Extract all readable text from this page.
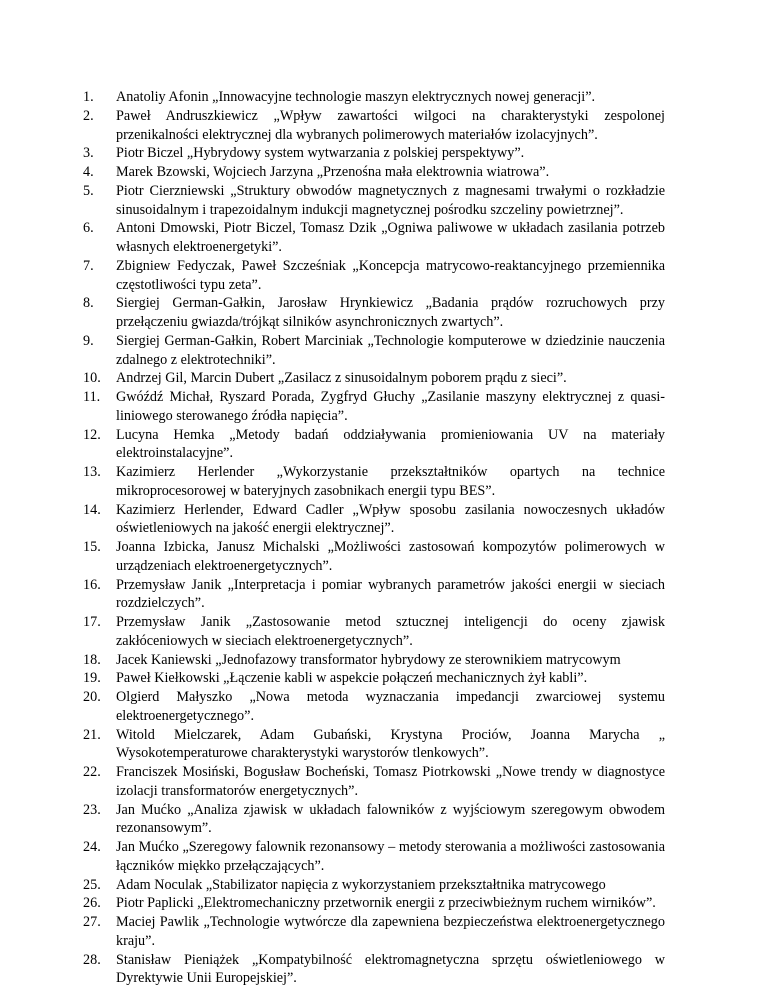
1.	Anatoliy Afonin „Innowacyjne technologie maszyn elektrycznych nowej generacji”.
2.	Paweł Andruszkiewicz „Wpływ zawartości wilgoci na charakterystyki zespolonej przenikalności elektrycznej dla wybranych polimerowych materiałów izolacyjnych”.
3.	Piotr Biczel „Hybrydowy system wytwarzania z polskiej perspektywy”.
4.	Marek Bzowski, Wojciech Jarzyna „Przenośna mała elektrownia wiatrowa”.
5.	Piotr Cierzniewski „Struktury obwodów magnetycznych z magnesami trwałymi o rozkładzie sinusoidalnym i trapezoidalnym indukcji magnetycznej pośrodku szczeliny powietrznej”.
6.	Antoni Dmowski, Piotr Biczel, Tomasz Dzik „Ogniwa paliwowe w układach zasilania potrzeb własnych elektroenergetyki”.
7.	Zbigniew Fedyczak, Paweł Szcześniak „Koncepcja matrycowo-reaktancyjnego przemiennika częstotliwości typu zeta”.
8.	Siergiej German-Gałkin, Jarosław Hrynkiewicz „Badania prądów rozruchowych przy przełączeniu gwiazda/trójkąt silników asynchronicznych zwartych”.
9.	Siergiej German-Gałkin, Robert Marciniak „Technologie komputerowe w dziedzinie nauczenia zdalnego z elektrotechniki”.
10.	Andrzej Gil, Marcin Dubert „Zasilacz z sinusoidalnym poborem prądu z sieci”.
11.	Gwóźdź Michał, Ryszard Porada, Zygfryd Głuchy „Zasilanie maszyny elektrycznej z quasi-liniowego sterowanego źródła napięcia”.
12.	Lucyna Hemka „Metody badań oddziaływania promieniowania UV na materiały elektroinstalacyjne”.
13.	Kazimierz Herlender „Wykorzystanie przekształtników opartych na technice mikroprocesorowej w bateryjnych zasobnikach energii typu BES”.
14.	Kazimierz Herlender, Edward Cadler „Wpływ sposobu zasilania nowoczesnych układów oświetleniowych na jakość energii elektrycznej”.
15.	Joanna Izbicka, Janusz Michalski „Możliwości zastosowań kompozytów polimerowych w urządzeniach elektroenergetycznych”.
16.	Przemysław Janik „Interpretacja i pomiar wybranych parametrów jakości energii w sieciach rozdzielczych”.
17.	Przemysław Janik „Zastosowanie metod sztucznej inteligencji do oceny zjawisk zakłóceniowych w sieciach elektroenergetycznych”.
18.	Jacek Kaniewski „Jednofazowy transformator hybrydowy ze sterownikiem matrycowym
19.	Paweł Kiełkowski „Łączenie kabli w aspekcie połączeń mechanicznych żył kabli”.
20.	Olgierd Małyszko „Nowa metoda wyznaczania impedancji zwarciowej systemu elektroenergetycznego”.
21.	Witold Mielczarek, Adam Gubański, Krystyna Prociów, Joanna Marycha „ Wysokotemperaturowe charakterystyki warystorów tlenkowych”.
22.	Franciszek Mosiński, Bogusław Bocheński, Tomasz Piotrkowski „Nowe trendy w diagnostyce izolacji transformatorów energetycznych”.
23.	Jan Mućko „Analiza zjawisk w układach falowników z wyjściowym szeregowym obwodem rezonansowym”.
24.	Jan Mućko „Szeregowy falownik rezonansowy – metody sterowania a możliwości zastosowania łączników miękko przełączających”.
25.	Adam Noculak „Stabilizator napięcia z wykorzystaniem przekształtnika matrycowego
26.	Piotr Paplicki „Elektromechaniczny przetwornik energii z przeciwbieżnym ruchem wirników”.
27.	Maciej Pawlik „Technologie wytwórcze dla zapewniena bezpieczeństwa elektroenergetycznego kraju”.
28.	Stanisław Pieniążek „Kompatybilność elektromagnetyczna sprzętu oświetleniowego w Dyrektywie Unii Europejskiej”.
